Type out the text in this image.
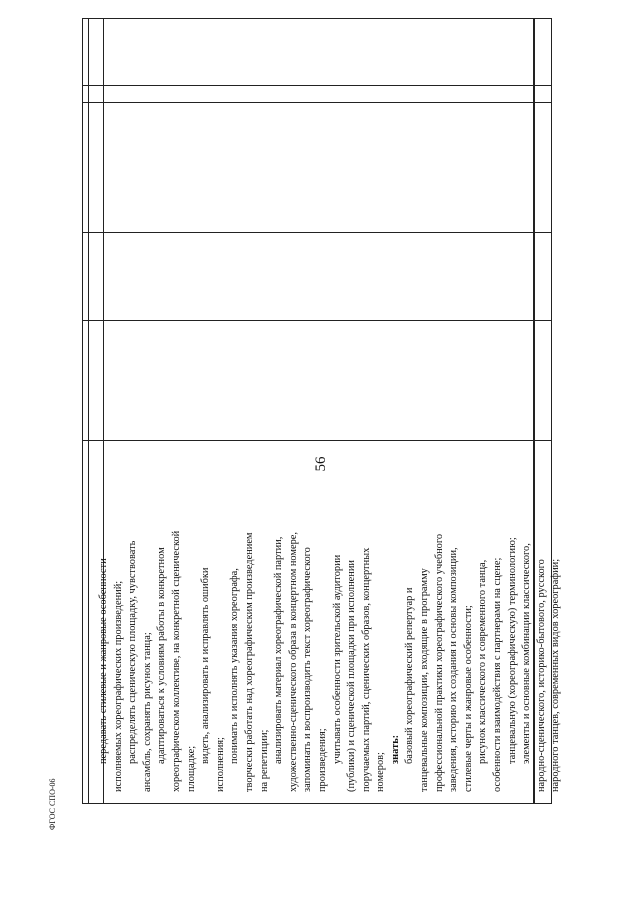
56

передавать стилевые и жанровые особенности исполняемых хореографических произведений; распределять сценическую площадку, чувствовать ансамбль, сохранять рисунок танца; адаптироваться к условиям работы в конкретном хореографическом коллективе, на конкретной сценической площадке;

видеть, анализировать и исправлять ошибки

исполнения;

понимать и исполнять указания хореографа, творчески работать над хореографическим произведением на репетиции; анализировать материал хореографической партии, художественно-сценического образа в концертном номере, запоминать и воспроизводить текст хореографического произведения; учитывать особенности зрительской аудитории (публики) и сценической площадки при исполнении поручаемых партий, сценических образов, концертных номеров;

знать: базовый хореографический репертуар и танцевальные композиции, входящие в программу профессиональной практики хореографического учебного заведения, историю их создания и основы композиции, стилевые черты и жанровые особенности; рисунок классического и современного танца, особенности взаимодействия с партнерами на сцене; танцевальную (хореографическую) терминологию; элементы и основные комбинации классического, народно-сценического, историко-бытового, русского народного танцев, современных видов хореографии;

ФГОС СПО-06
